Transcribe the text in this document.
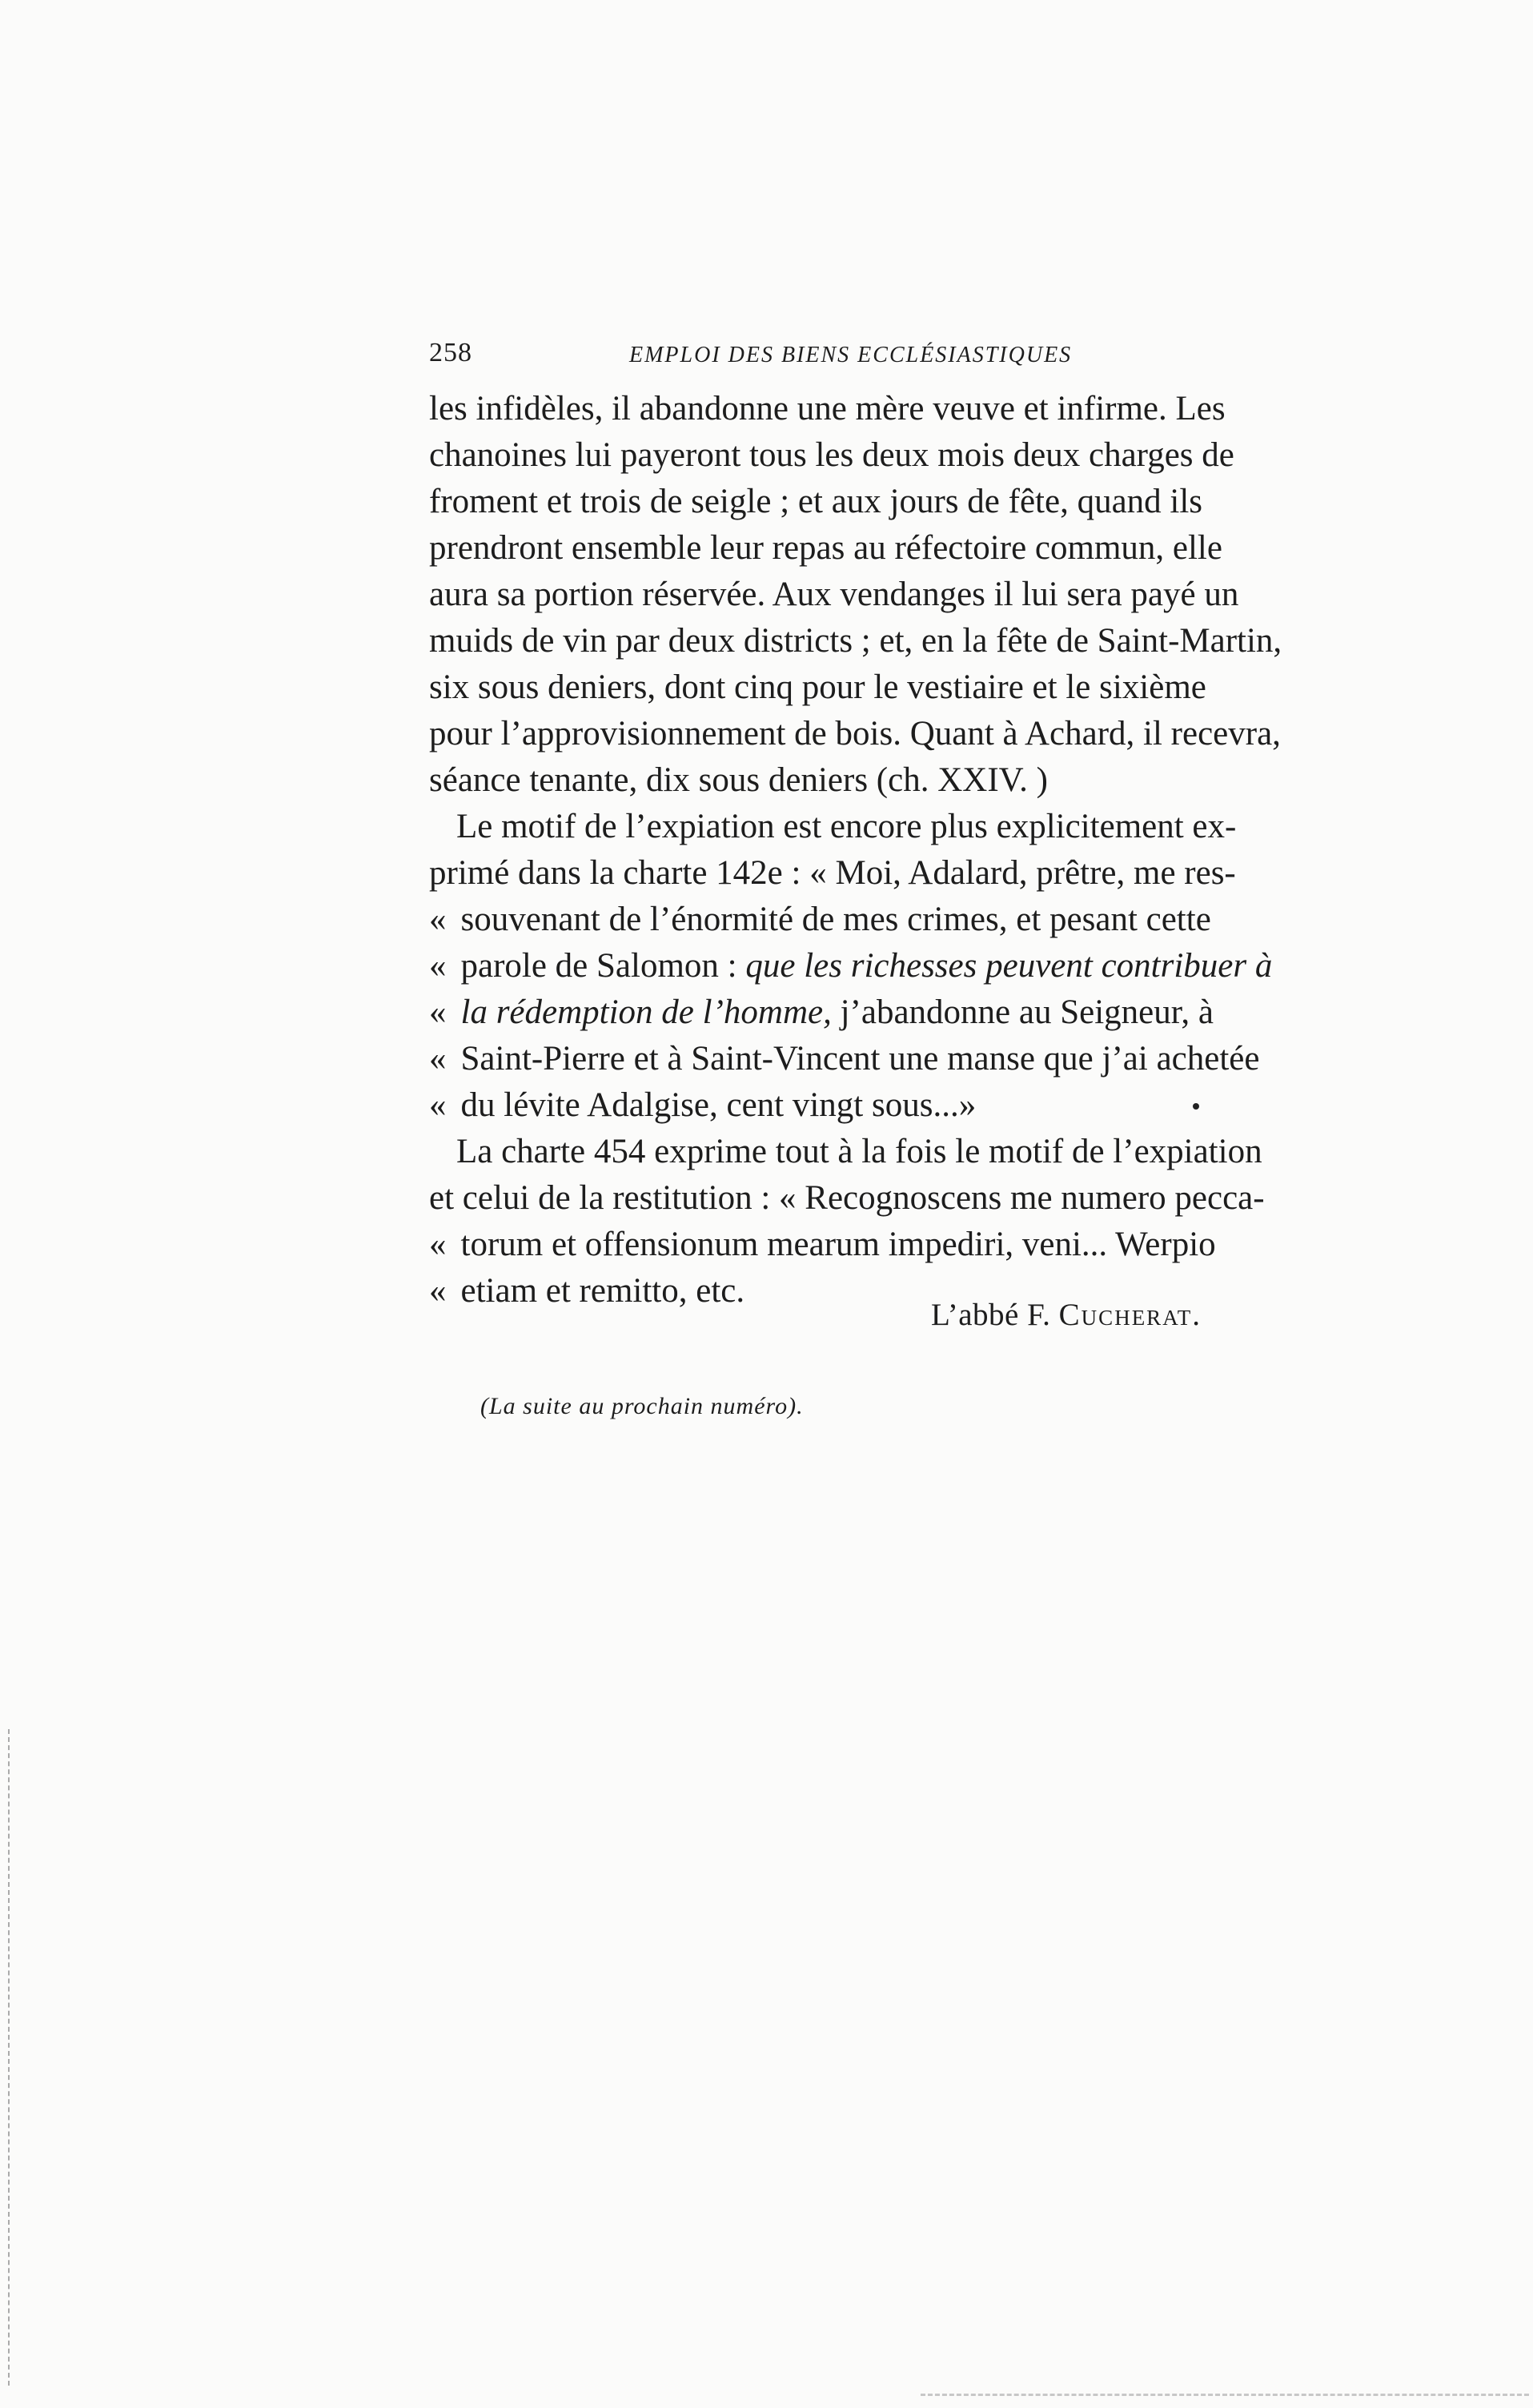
258	EMPLOI DES BIENS ECCLÉSIASTIQUES
les infidèles, il abandonne une mère veuve et infirme. Les
chanoines lui payeront tous les deux mois deux charges de
froment et trois de seigle ; et aux jours de fête, quand ils
prendront ensemble leur repas au réfectoire commun, elle
aura sa portion réservée. Aux vendanges il lui sera payé un
muids de vin par deux districts ; et, en la fête de Saint-Martin,
six sous deniers, dont cinq pour le vestiaire et le sixième
pour l’approvisionnement de bois. Quant à Achard, il recevra,
séance tenante, dix sous deniers (ch. XXIV. )
Le motif de l’expiation est encore plus explicitement ex-
primé dans la charte 142e : « Moi, Adalard, prêtre, me res-
« souvenant de l’énormité de mes crimes, et pesant cette
« parole de Salomon : que les richesses peuvent contribuer à
« la rédemption de l’homme, j’abandonne au Seigneur, à
« Saint-Pierre et à Saint-Vincent une manse que j’ai achetée
« du lévite Adalgise, cent vingt sous...»
La charte 454 exprime tout à la fois le motif de l’expiation
et celui de la restitution : « Recognoscens me numero pecca-
« torum et offensionum mearum impediri, veni... Werpio
« etiam et remitto, etc.
L’abbé F. Cucherat.
(La suite au prochain numéro).
